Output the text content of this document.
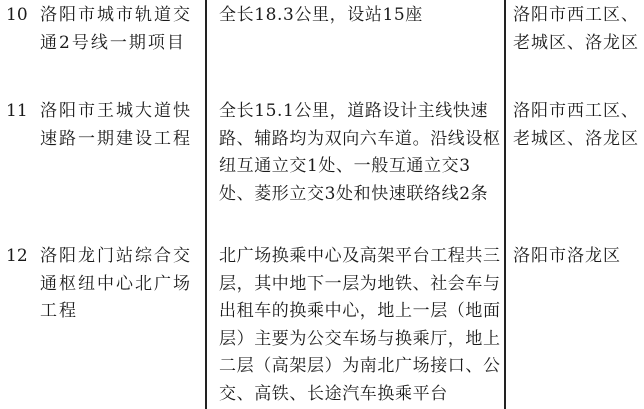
10 洛阳市城市轨道交通2号线一期项目
全长18.3公里，设站15座	洛阳市西工区、老城区、洛龙区
11 洛阳市王城大道快速路一期建设工程
全长15.1公里，道路设计主线快速路、辅路均为双向六车道。沿线设枢纽互通立交1处、一般互通立交3处、菱形立交3处和快速联络线2条
洛阳市西工区、老城区、洛龙区
12 洛阳龙门站综合交通枢纽中心北广场工程
北广场换乘中心及高架平台工程共三层，其中地下一层为地铁、社会车与出租车的换乘中心，地上一层（地面层）主要为公交车场与换乘厅，地上二层（高架层）为南北广场接口、公交、高铁、长途汽车换乘平台
洛阳市洛龙区
